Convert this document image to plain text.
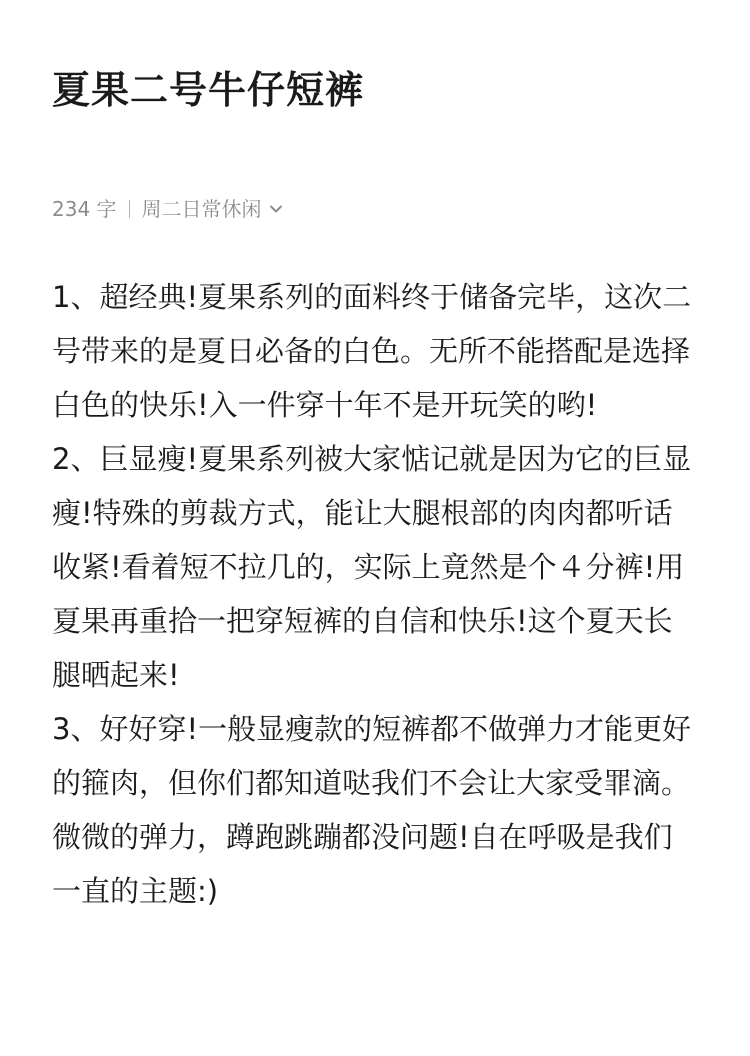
夏果二号牛仔短裤
234 字 周二日常休闲

1、超经典!夏果系列的面料终于储备完毕，这次二号带来的是夏日必备的白色。无所不能搭配是选择白色的快乐!入一件穿十年不是开玩笑的哟!

2、巨显瘦!夏果系列被大家惦记就是因为它的巨显瘦!特殊的剪裁方式，能让大腿根部的肉肉都听话收紧!看着短不拉几的，实际上竟然是个４分裤!用夏果再重拾一把穿短裤的自信和快乐!这个夏天长腿晒起来!

3、好好穿!一般显瘦款的短裤都不做弹力才能更好的箍肉，但你们都知道哒我们不会让大家受罪滴。微微的弹力，蹲跑跳蹦都没问题!自在呼吸是我们一直的主题:)
